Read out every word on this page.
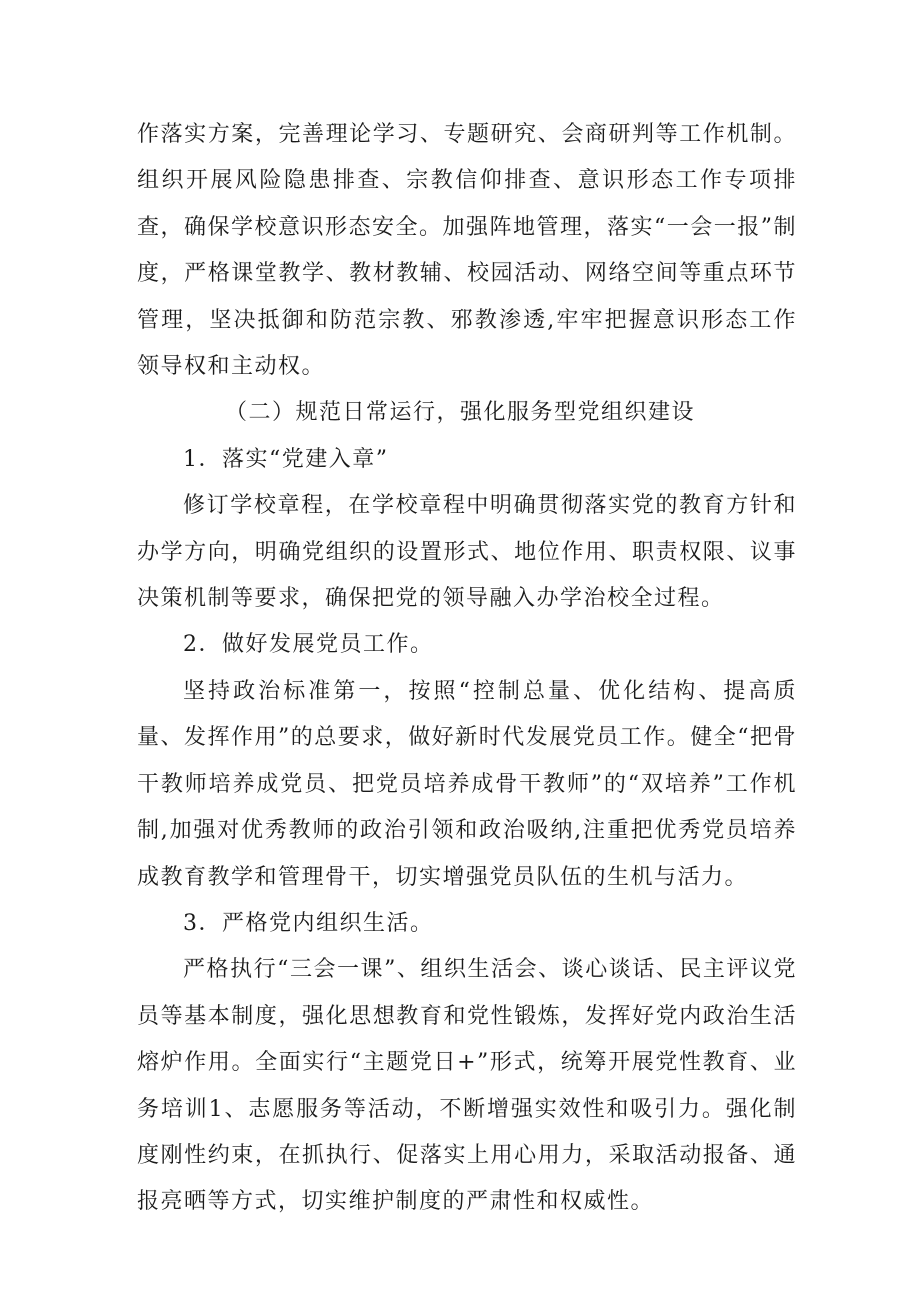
作落实方案，完善理论学习、专题研究、会商研判等工作机制。组织开展风险隐患排查、宗教信仰排查、意识形态工作专项排查，确保学校意识形态安全。加强阵地管理，落实“一会一报”制度，严格课堂教学、教材教辅、校园活动、网络空间等重点环节管理，坚决抵御和防范宗教、邪教渗透,牢牢把握意识形态工作领导权和主动权。

（二）规范日常运行，强化服务型党组织建设

1．落实“党建入章”

修订学校章程，在学校章程中明确贯彻落实党的教育方针和办学方向，明确党组织的设置形式、地位作用、职责权限、议事决策机制等要求，确保把党的领导融入办学治校全过程。

2．做好发展党员工作。

坚持政治标准第一，按照“控制总量、优化结构、提高质量、发挥作用”的总要求，做好新时代发展党员工作。健全“把骨干教师培养成党员、把党员培养成骨干教师”的“双培养”工作机制,加强对优秀教师的政治引领和政治吸纳,注重把优秀党员培养成教育教学和管理骨干，切实增强党员队伍的生机与活力。

3．严格党内组织生活。

严格执行“三会一课”、组织生活会、谈心谈话、民主评议党员等基本制度，强化思想教育和党性锻炼，发挥好党内政治生活熔炉作用。全面实行“主题党日+”形式，统筹开展党性教育、业务培训1、志愿服务等活动，不断增强实效性和吸引力。强化制度刚性约束，在抓执行、促落实上用心用力，采取活动报备、通报亮晒等方式，切实维护制度的严肃性和权威性。
